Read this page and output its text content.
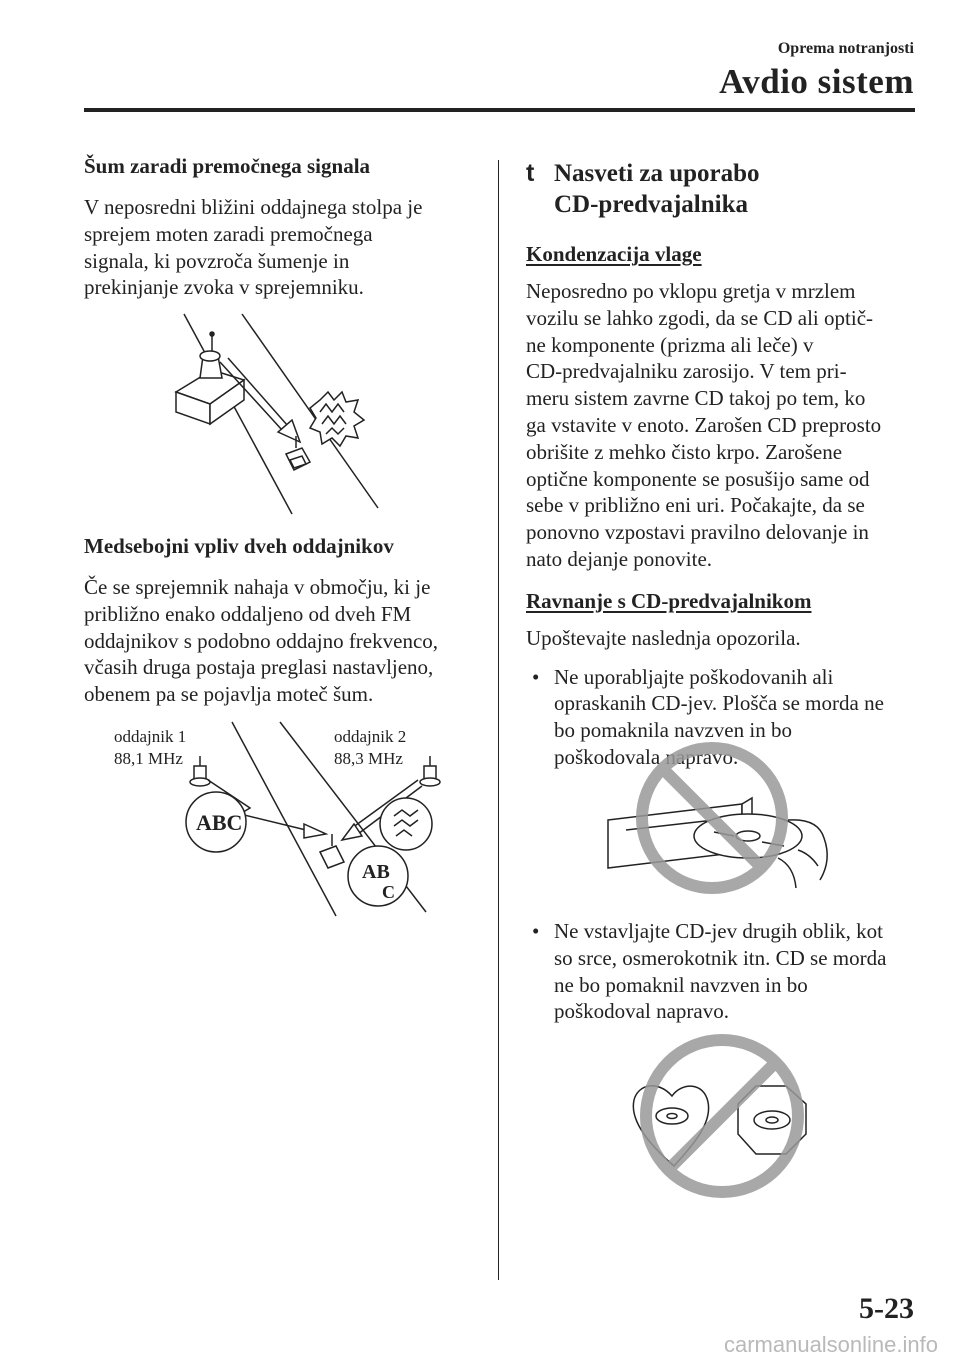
Oprema notranjosti
Avdio sistem
Šum zaradi premočnega signala

V neposredni bližini oddajnega stolpa je
sprejem moten zaradi premočnega
signala, ki povzroča šumenje in
prekinjanje zvoka v sprejemniku.

Medsebojni vpliv dveh oddajnikov

Če se sprejemnik nahaja v območju, ki je
približno enako oddaljeno od dveh FM
oddajnikov s podobno oddajno frekvenco,
včasih druga postaja preglasi nastavljeno,
obenem pa se pojavlja moteč šum.

oddajnik 1
88,1 MHz
oddajnik 2
88,3 MHz
ABC
AB
C
t Nasveti za uporabo
CD-predvajalnika
Kondenzacija vlage

Neposredno po vklopu gretja v mrzlem
vozilu se lahko zgodi, da se CD ali optič-
ne komponente (prizma ali leče) v
CD-predvajalniku zarosijo. V tem pri-
meru sistem zavrne CD takoj po tem, ko
ga vstavite v enoto. Zarošen CD preprosto
obrišite z mehko čisto krpo. Zarošene
optične komponente se posušijo same od
sebe v približno eni uri. Počakajte, da se
ponovno vzpostavi pravilno delovanje in
nato dejanje ponovite.

Ravnanje s CD-predvajalnikom

Upoštevajte naslednja opozorila.

• Ne uporabljajte poškodovanih ali
opraskanih CD-jev. Plošča se morda ne
bo pomaknila navzven in bo
poškodovala napravo.
• Ne vstavljajte CD-jev drugih oblik, kot
so srce, osmerokotnik itn. CD se morda
ne bo pomaknil navzven in bo
poškodoval napravo.
5-23
carmanualsonline.info
